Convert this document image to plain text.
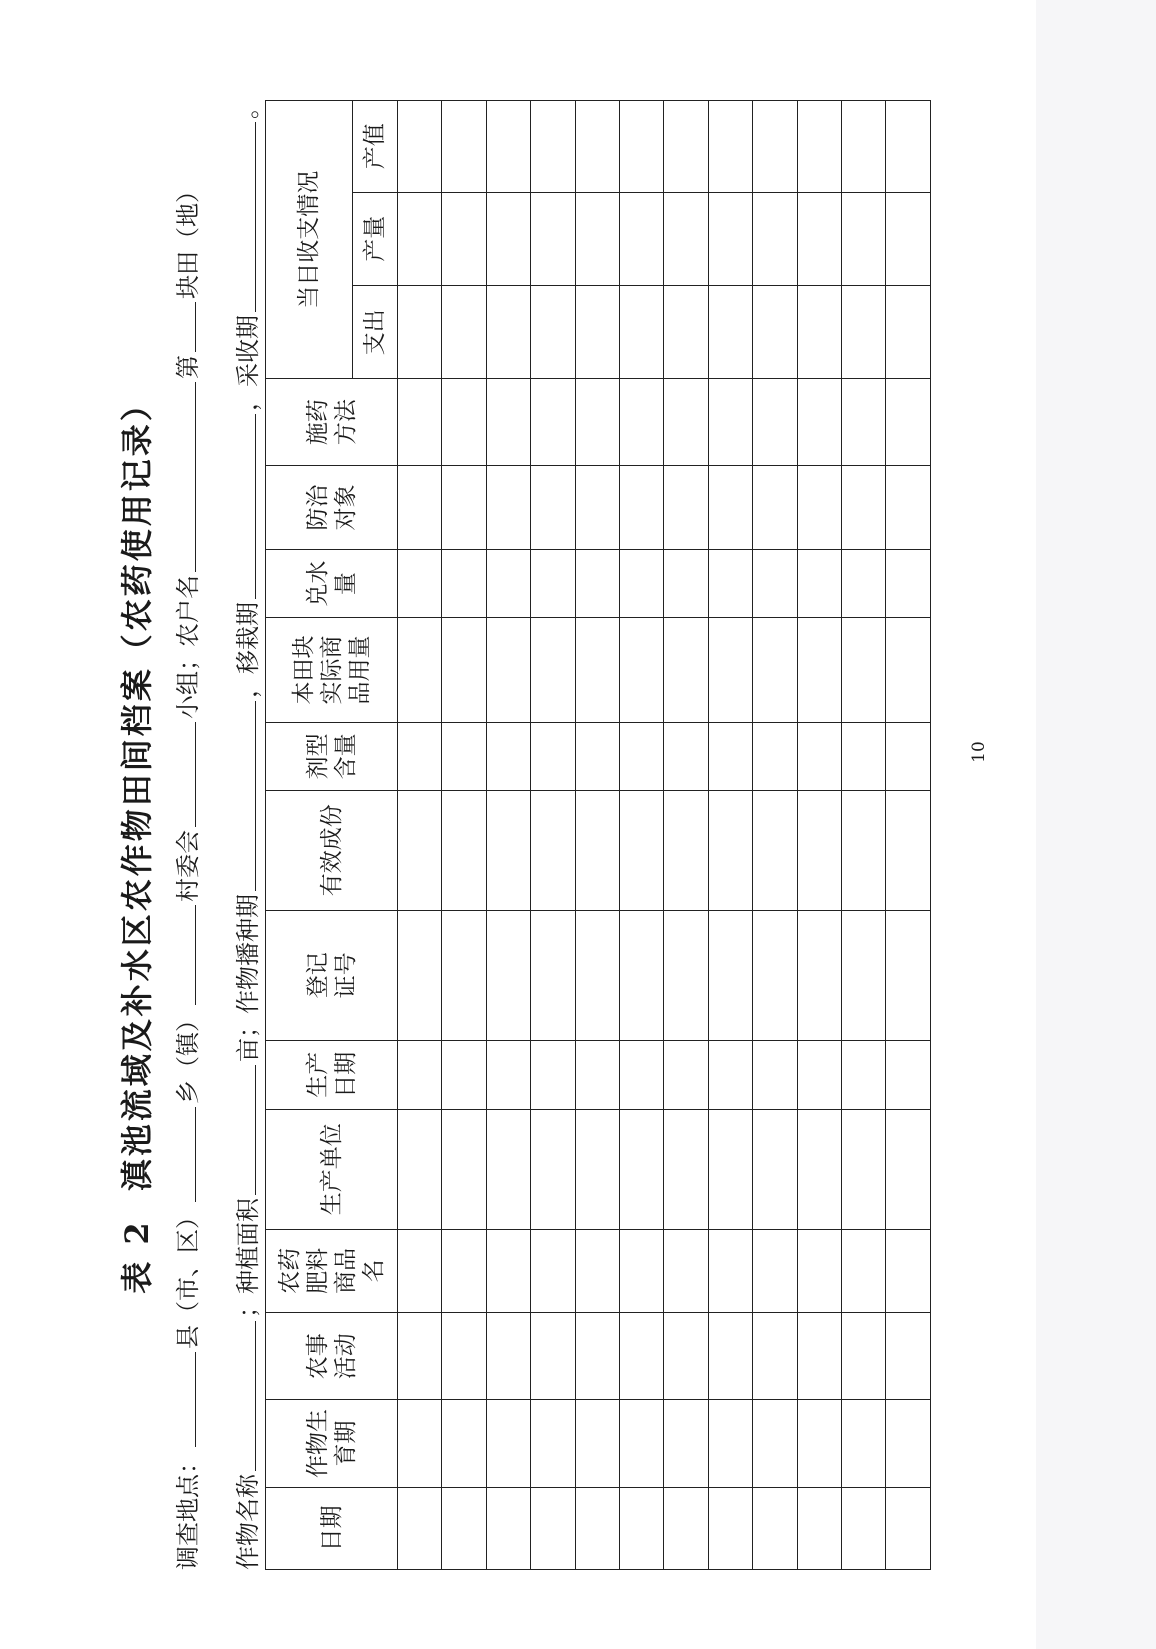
表 2滇池流域及补水区农作物田间档案（农药使用记录）
调查地点：县（市、区）乡（镇）村委会小组；农户名第块田（地）
作物名称；种植面积亩；作物播种期，移栽期，采收期。
日期	作物生育期	农事活动	农药肥料商品名	生产单位	生产日期	登记证号	有效成份	剂型含量	本田块实际商品用量	兑水量	防治对象	施药方法	当日收支情况		
													支出	产量	产值

10
